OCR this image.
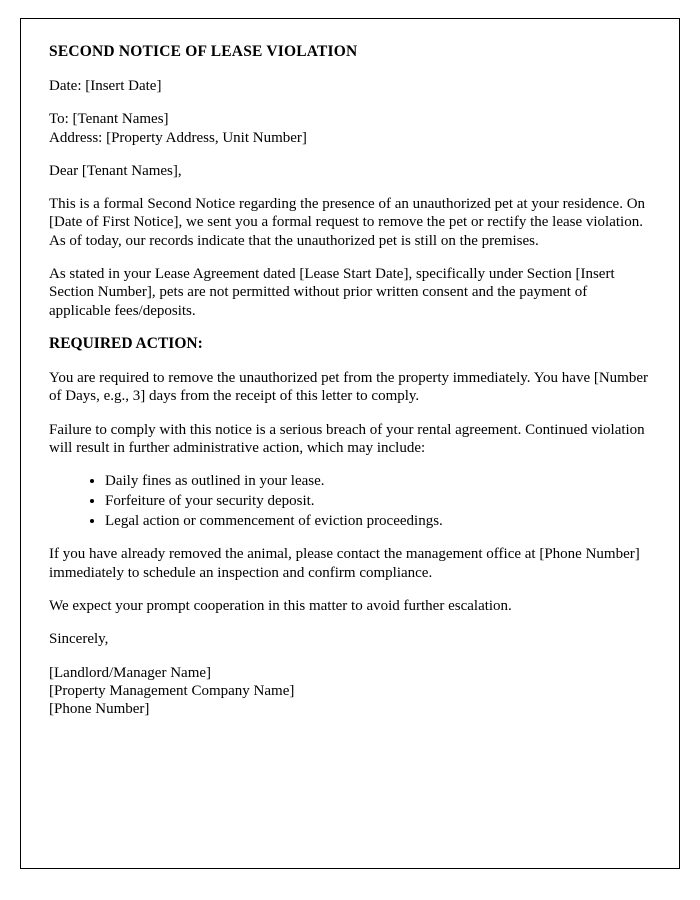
SECOND NOTICE OF LEASE VIOLATION

Date: [Insert Date]

To: [Tenant Names]

Address: [Property Address, Unit Number]

Dear [Tenant Names],

This is a formal Second Notice regarding the presence of an unauthorized pet at your residence. On [Date of First Notice], we sent you a formal request to remove the pet or rectify the lease violation. As of today, our records indicate that the unauthorized pet is still on the premises.

As stated in your Lease Agreement dated [Lease Start Date], specifically under Section [Insert Section Number], pets are not permitted without prior written consent and the payment of applicable fees/deposits.

REQUIRED ACTION:

You are required to remove the unauthorized pet from the property immediately. You have [Number of Days, e.g., 3] days from the receipt of this letter to comply.

Failure to comply with this notice is a serious breach of your rental agreement. Continued violation will result in further administrative action, which may include:

• Daily fines as outlined in your lease.
• Forfeiture of your security deposit.
• Legal action or commencement of eviction proceedings.

If you have already removed the animal, please contact the management office at [Phone Number] immediately to schedule an inspection and confirm compliance.

We expect your prompt cooperation in this matter to avoid further escalation.

Sincerely,

[Landlord/Manager Name]

[Property Management Company Name]

[Phone Number]
